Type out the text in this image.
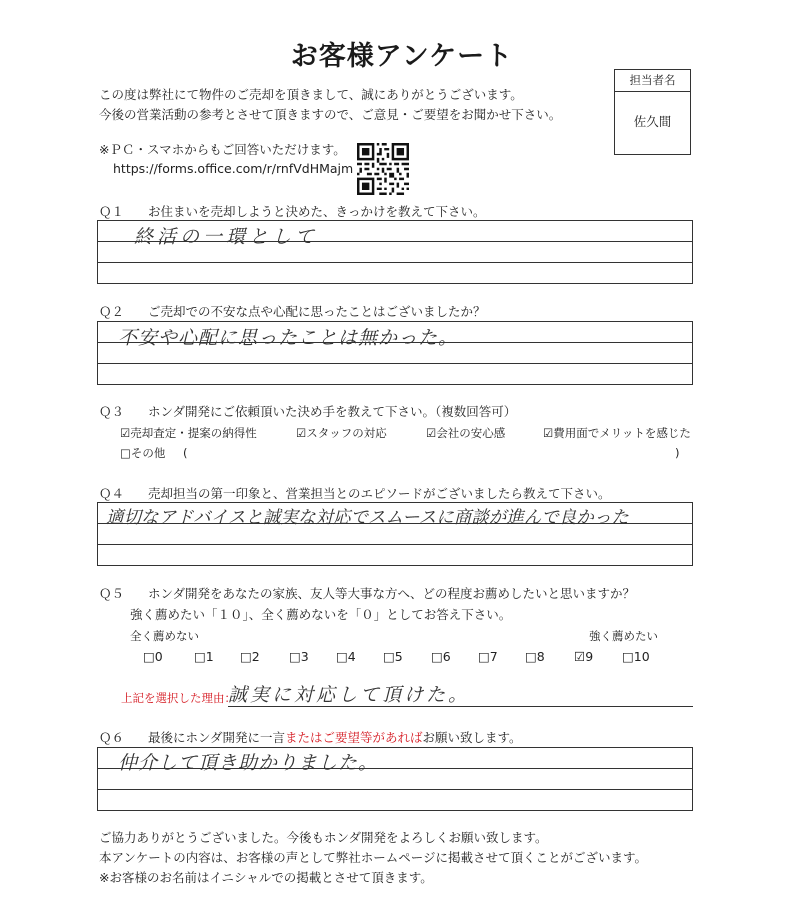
お客様アンケート
担当者名
佐久間
この度は弊社にて物件のご売却を頂きまして、誠にありがとうございます。
今後の営業活動の参考とさせて頂きますので、ご意見・ご要望をお聞かせ下さい。
※ＰＣ・スマホからもご回答いただけます。
https://forms.office.com/r/rnfVdHMajm
Ｑ１ お住まいを売却しようと決めた、きっかけを教えて下さい。
終活の一環として
Ｑ２ ご売却での不安な点や心配に思ったことはございましたか？
不安や心配に思ったことは無かった。
Ｑ３ ホンダ開発にご依頼頂いた決め手を教えて下さい。（複数回答可）
☑売却査定・提案の納得性	☑スタッフの対応	☑会社の安心感	☑費用面でメリットを感じた
□その他 (	)
Ｑ４ 売却担当の第一印象と、営業担当とのエピソードがございましたら教えて下さい。
適切なアドバイスと誠実な対応でスムースに商談が進んで良かった
Ｑ５ ホンダ開発をあなたの家族、友人等大事な方へ、どの程度お薦めしたいと思いますか？
強く薦めたい「１０」、全く薦めないを「０」としてお答え下さい。
全く薦めない	強く薦めたい
□0 □1 □2 □3 □4 □5 □6 □7 □8 ☑9 □10
上記を選択した理由：
誠実に対応して頂けた。
Ｑ６ 最後にホンダ開発に一言またはご要望等があればお願い致します。
仲介して頂き助かりました。
ご協力ありがとうございました。今後もホンダ開発をよろしくお願い致します。
本アンケートの内容は、お客様の声として弊社ホームページに掲載させて頂くことがございます。
※お客様のお名前はイニシャルでの掲載とさせて頂きます。
